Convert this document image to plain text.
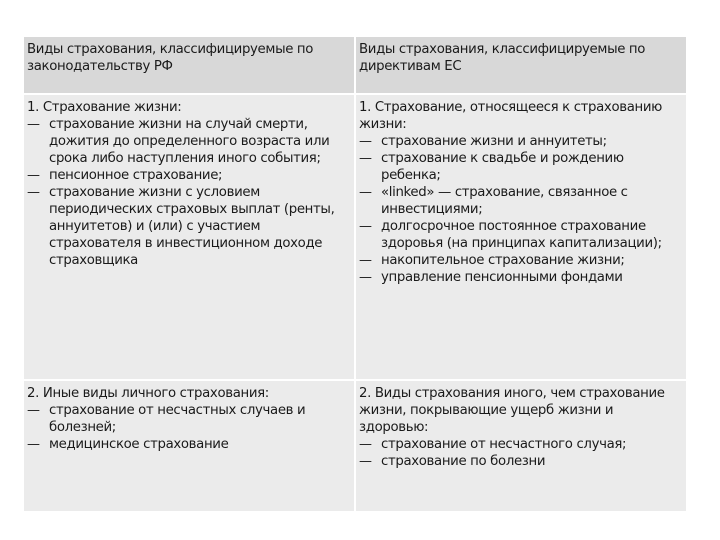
Виды страхования, классифицируемые по законодательству РФ
Виды страхования, классифицируемые по директивам ЕС

1. Страхование жизни:

— страхование жизни на случай смерти, дожития до определенного возраста или срока либо наступления иного события;
— пенсионное страхование;
— страхование жизни с условием периодических страховых выплат (ренты, аннуитетов) и (или) с участием страхователя в инвестиционном доходе страховщика

1. Страхование, относящееся к страхованию жизни:

— страхование жизни и аннуитеты;
— страхование к свадьбе и рождению ребенка;
— «linked» — страхование, связанное с инвестициями;
— долгосрочное постоянное страхование здоровья (на принципах капитализации);
— накопительное страхование жизни;
— управление пенсионными фондами

2. Иные виды личного страхования:

— страхование от несчастных случаев и болезней;
— медицинское страхование

2. Виды страхования иного, чем страхование жизни, покрывающие ущерб жизни и здоровью:

— страхование от несчастного случая;
— страхование по болезни
